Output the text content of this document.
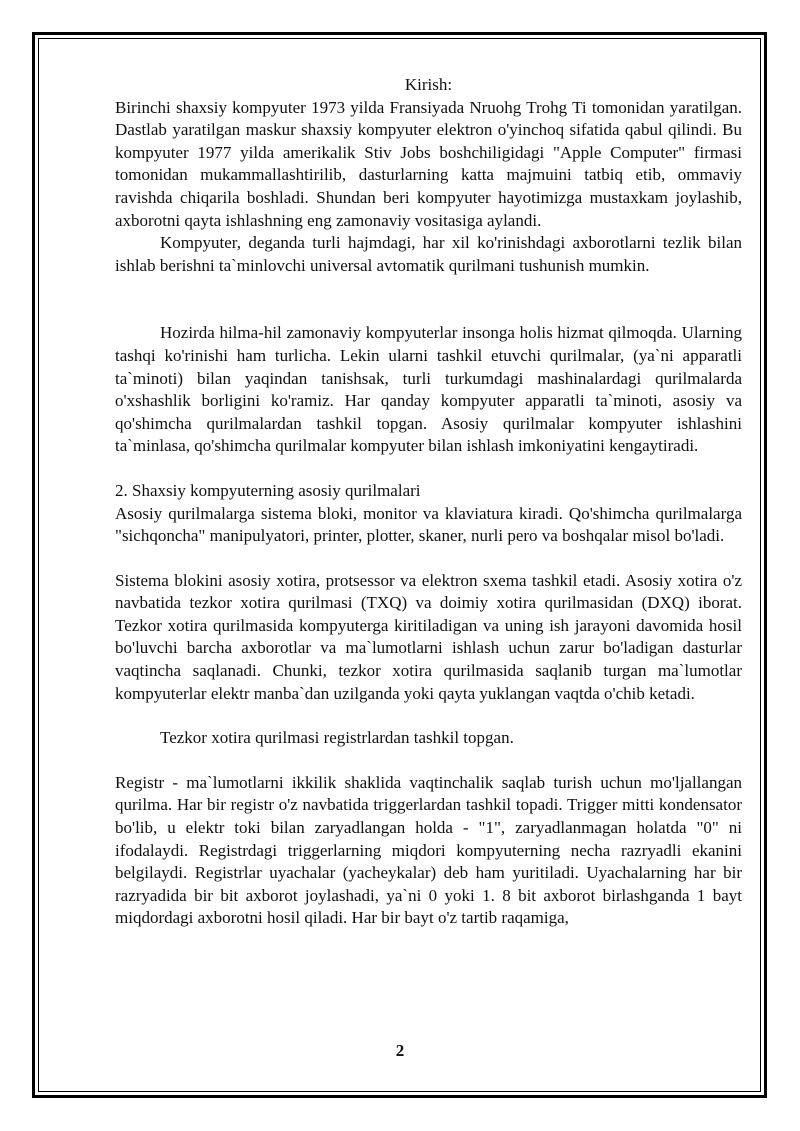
Kirish:

Birinchi shaxsiy kompyuter 1973 yilda Fransiyada Nruohg Trohg Ti tomonidan yaratilgan. Dastlab yaratilgan maskur shaxsiy kompyuter elektron o'yinchoq sifatida qabul qilindi. Bu kompyuter 1977 yilda amerikalik Stiv Jobs boshchiligidagi "Apple Computer" firmasi tomonidan mukammallashtirilib, dasturlarning katta majmuini tatbiq etib, ommaviy ravishda chiqarila boshladi. Shundan beri kompyuter hayotimizga mustaxkam joylashib, axborotni qayta ishlashning eng zamonaviy vositasiga aylandi.

Kompyuter, deganda turli hajmdagi, har xil ko'rinishdagi axborotlarni tezlik bilan ishlab berishni ta`minlovchi universal avtomatik qurilmani tushunish mumkin.

Hozirda hilma-hil zamonaviy kompyuterlar insonga holis hizmat qilmoqda. Ularning tashqi ko'rinishi ham turlicha. Lekin ularni tashkil etuvchi qurilmalar, (ya`ni apparatli ta`minoti) bilan yaqindan tanishsak, turli turkumdagi mashinalardagi qurilmalarda o'xshashlik borligini ko'ramiz. Har qanday kompyuter apparatli ta`minoti, asosiy va qo'shimcha qurilmalardan tashkil topgan. Asosiy qurilmalar kompyuter ishlashini ta`minlasa, qo'shimcha qurilmalar kompyuter bilan ishlash imkoniyatini kengaytiradi.

2. Shaxsiy kompyuterning asosiy qurilmalari

Asosiy qurilmalarga sistema bloki, monitor va klaviatura kiradi. Qo'shimcha qurilmalarga "sichqoncha" manipulyatori, printer, plotter, skaner, nurli pero va boshqalar misol bo'ladi.

Sistema blokini asosiy xotira, protsessor va elektron sxema tashkil etadi. Asosiy xotira o'z navbatida tezkor xotira qurilmasi (TXQ) va doimiy xotira qurilmasidan (DXQ) iborat. Tezkor xotira qurilmasida kompyuterga kiritiladigan va uning ish jarayoni davomida hosil bo'luvchi barcha axborotlar va ma`lumotlarni ishlash uchun zarur bo'ladigan dasturlar vaqtincha saqlanadi. Chunki, tezkor xotira qurilmasida saqlanib turgan ma`lumotlar kompyuterlar elektr manba`dan uzilganda yoki qayta yuklangan vaqtda o'chib ketadi.

Tezkor xotira qurilmasi registrlardan tashkil topgan.

Registr - ma`lumotlarni ikkilik shaklida vaqtinchalik saqlab turish uchun mo'ljallangan qurilma. Har bir registr o'z navbatida triggerlardan tashkil topadi. Trigger mitti kondensator bo'lib, u elektr toki bilan zaryadlangan holda - "1", zaryadlanmagan holatda "0" ni ifodalaydi. Registrdagi triggerlarning miqdori kompyuterning necha razryadli ekanini belgilaydi. Registrlar uyachalar (yacheykalar) deb ham yuritiladi. Uyachalarning har bir razryadida bir bit axborot joylashadi, ya`ni 0 yoki 1. 8 bit axborot birlashganda 1 bayt miqdordagi axborotni hosil qiladi. Har bir bayt o'z tartib raqamiga,

2
